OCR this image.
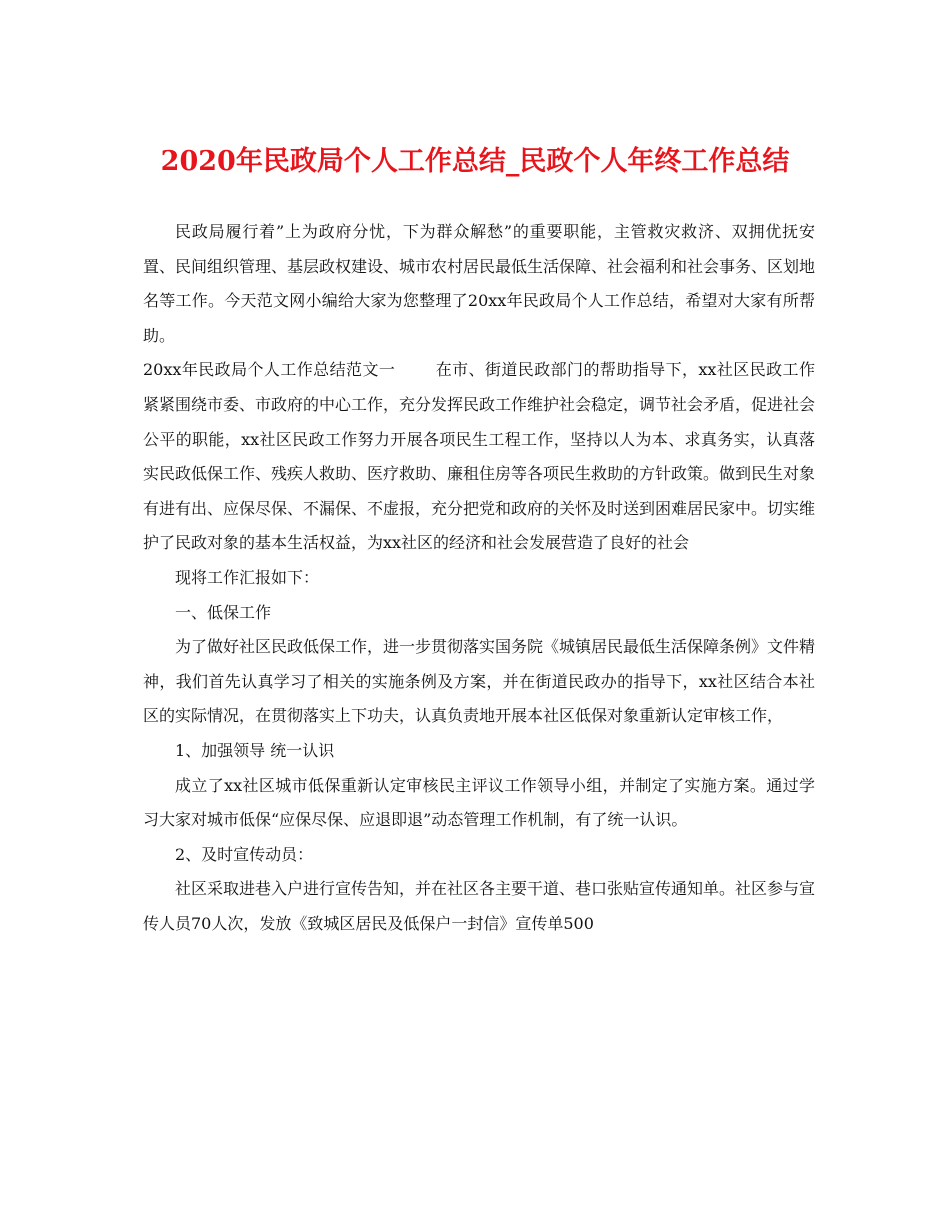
2020年民政局个人工作总结_民政个人年终工作总结

民政局履行着”上为政府分忧，下为群众解愁”的重要职能，主管救灾救济、双拥优抚安置、民间组织管理、基层政权建设、城市农村居民最低生活保障、社会福利和社会事务、区划地名等工作。今天范文网小编给大家为您整理了20xx年民政局个人工作总结，希望对大家有所帮助。

20xx年民政局个人工作总结范文一	在市、街道民政部门的帮助指导下，xx社区民政工作紧紧围绕市委、市政府的中心工作，充分发挥民政工作维护社会稳定，调节社会矛盾，促进社会公平的职能，xx社区民政工作努力开展各项民生工程工作，坚持以人为本、求真务实，认真落实民政低保工作、残疾人救助、医疗救助、廉租住房等各项民生救助的方针政策。做到民生对象有进有出、应保尽保、不漏保、不虚报，充分把党和政府的关怀及时送到困难居民家中。切实维护了民政对象的基本生活权益，为xx社区的经济和社会发展营造了良好的社会

现将工作汇报如下：

一、低保工作

为了做好社区民政低保工作，进一步贯彻落实国务院《城镇居民最低生活保障条例》文件精神，我们首先认真学习了相关的实施条例及方案，并在街道民政办的指导下，xx社区结合本社区的实际情况，在贯彻落实上下功夫，认真负责地开展本社区低保对象重新认定审核工作，

1、加强领导 统一认识

成立了xx社区城市低保重新认定审核民主评议工作领导小组，并制定了实施方案。通过学习大家对城市低保“应保尽保、应退即退”动态管理工作机制，有了统一认识。

2、及时宣传动员：

社区采取进巷入户进行宣传告知，并在社区各主要干道、巷口张贴宣传通知单。社区参与宣传人员70人次，发放《致城区居民及低保户一封信》宣传单500
